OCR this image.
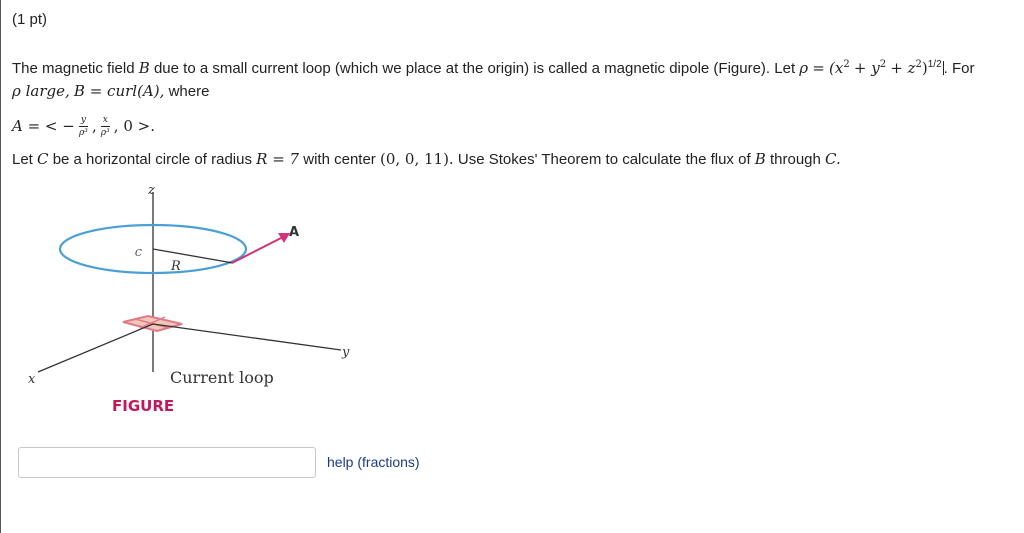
(1 pt)
The magnetic field B due to a small current loop (which we place at the origin) is called a magnetic dipole (Figure). Let $\rho = (x^2 + y^2 + z^2)^{1/2}$ . For
ρ large, B = curl(A), where
A = < − $\frac{y}{\text{ρ³}}$ , $\frac{x}{\text{ρ³}}$ , 0 >.
Let C be a horizontal circle of radius R = 7 with center (0, 0, 11). Use Stokes' Theorem to calculate the flux of B through C.
z
C
R
A
y
x	Current loop
FIGURE
help (fractions)
